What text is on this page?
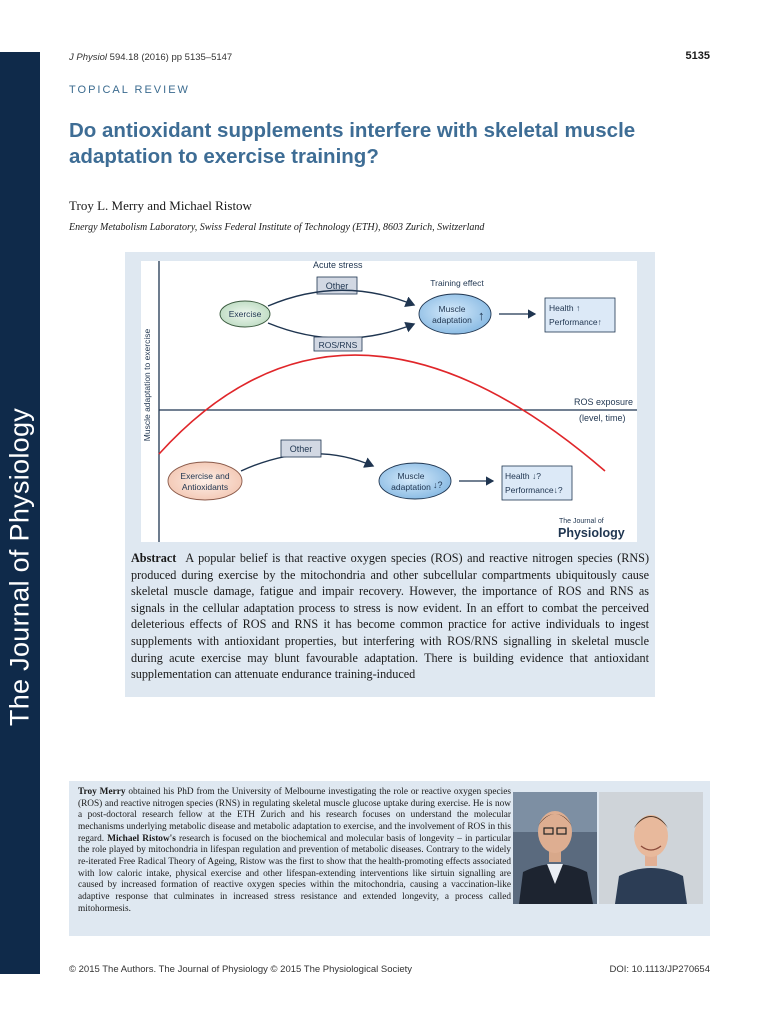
The Journal of Physiology
J Physiol 594.18 (2016) pp 5135–5147	5135
TOPICAL REVIEW
Do antioxidant supplements interfere with skeletal muscle adaptation to exercise training?
Troy L. Merry and Michael Ristow
Energy Metabolism Laboratory, Swiss Federal Institute of Technology (ETH), 8603 Zurich, Switzerland
Muscle adaptation to exercise	ROS exposure
(level, time)
Acute stress
Other
Exercise
ROS/RNS
Training effect
Muscle adaptation ↑	Health ↑
Performance↑
Exercise and Antioxidants
Other
Muscle adaptation ↓?
Health ↓?
Performance↓?
The Journal of
Physiology

Abstract A popular belief is that reactive oxygen species (ROS) and reactive nitrogen species (RNS) produced during exercise by the mitochondria and other subcellular compartments ubiquitously cause skeletal muscle damage, fatigue and impair recovery. However, the importance of ROS and RNS as signals in the cellular adaptation process to stress is now evident. In an effort to combat the perceived deleterious effects of ROS and RNS it has become common practice for active individuals to ingest supplements with antioxidant properties, but interfering with ROS/RNS signalling in skeletal muscle during acute exercise may blunt favourable adaptation. There is building evidence that antioxidant supplementation can attenuate endurance training-induced

Troy Merry obtained his PhD from the University of Melbourne investigating the role or reactive oxygen species (ROS) and reactive nitrogen species (RNS) in regulating skeletal muscle glucose uptake during exercise. He is now a post-doctoral research fellow at the ETH Zurich and his research focuses on understand the molecular mechanisms underlying metabolic disease and metabolic adaptation to exercise, and the involvement of ROS in this regard. Michael Ristow's research is focused on the biochemical and molecular basis of longevity – in particular the role played by mitochondria in lifespan regulation and prevention of metabolic diseases. Contrary to the widely re-iterated Free Radical Theory of Ageing, Ristow was the first to show that the health-promoting effects associated with low caloric intake, physical exercise and other lifespan-extending interventions like sirtuin signalling are caused by increased formation of reactive oxygen species within the mitochondria, causing a vaccination-like adaptive response that culminates in increased stress resistance and extended longevity, a process called mitohormesis.

© 2015 The Authors. The Journal of Physiology © 2015 The Physiological Society	DOI: 10.1113/JP270654
